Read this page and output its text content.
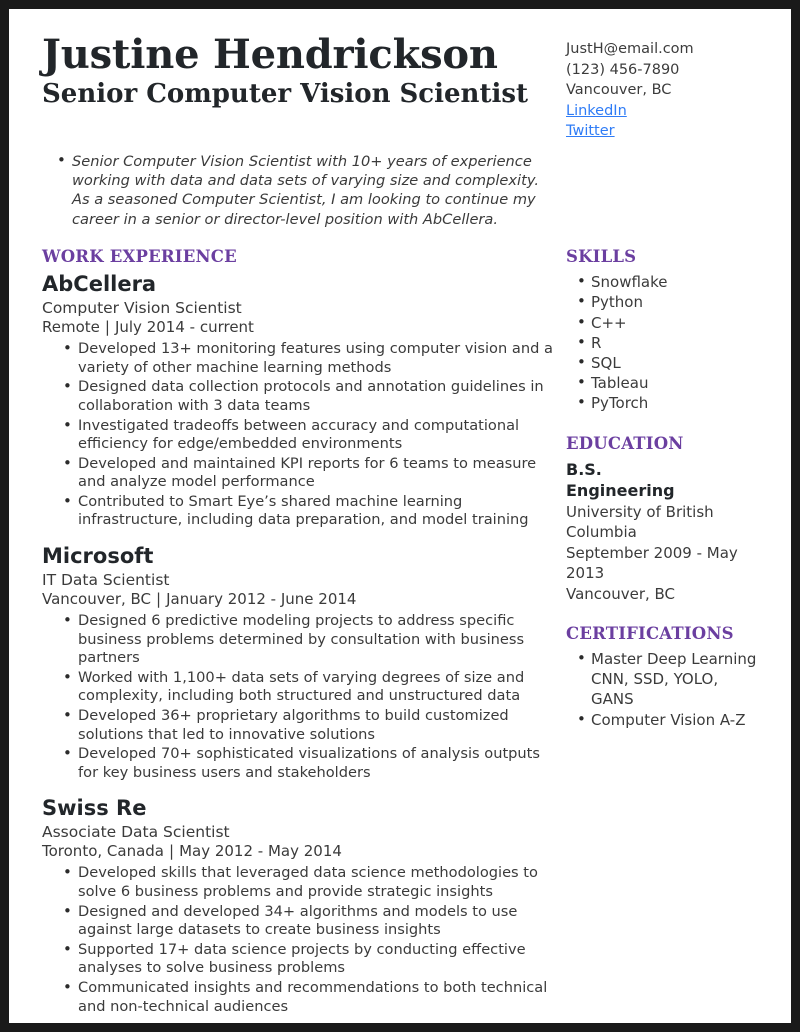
Justine Hendrickson
Senior Computer Vision Scientist
JustH@email.com
(123) 456-7890
Vancouver, BC
LinkedIn
Twitter
• Senior Computer Vision Scientist with 10+ years of experience working with data and data sets of varying size and complexity. As a seasoned Computer Scientist, I am looking to continue my career in a senior or director-level position with AbCellera.
WORK EXPERIENCE
AbCellera
Computer Vision Scientist
Remote | July 2014 - current
• Developed 13+ monitoring features using computer vision and a variety of other machine learning methods
• Designed data collection protocols and annotation guidelines in collaboration with 3 data teams
• Investigated tradeoffs between accuracy and computational efficiency for edge/embedded environments
• Developed and maintained KPI reports for 6 teams to measure and analyze model performance
• Contributed to Smart Eye’s shared machine learning infrastructure, including data preparation, and model training
Microsoft
IT Data Scientist
Vancouver, BC | January 2012 - June 2014
• Designed 6 predictive modeling projects to address specific business problems determined by consultation with business partners
• Worked with 1,100+ data sets of varying degrees of size and complexity, including both structured and unstructured data
• Developed 36+ proprietary algorithms to build customized solutions that led to innovative solutions
• Developed 70+ sophisticated visualizations of analysis outputs for key business users and stakeholders
Swiss Re
Associate Data Scientist
Toronto, Canada | May 2012 - May 2014
• Developed skills that leveraged data science methodologies to solve 6 business problems and provide strategic insights
• Designed and developed 34+ algorithms and models to use against large datasets to create business insights
• Supported 17+ data science projects by conducting effective analyses to solve business problems
• Communicated insights and recommendations to both technical and non-technical audiences
SKILLS
• Snowflake
• Python
• C++
• R
• SQL
• Tableau
• PyTorch
EDUCATION
B.S.
Engineering
University of British Columbia
September 2009 - May 2013
Vancouver, BC
CERTIFICATIONS
• Master Deep Learning CNN, SSD, YOLO, GANS
• Computer Vision A-Z
